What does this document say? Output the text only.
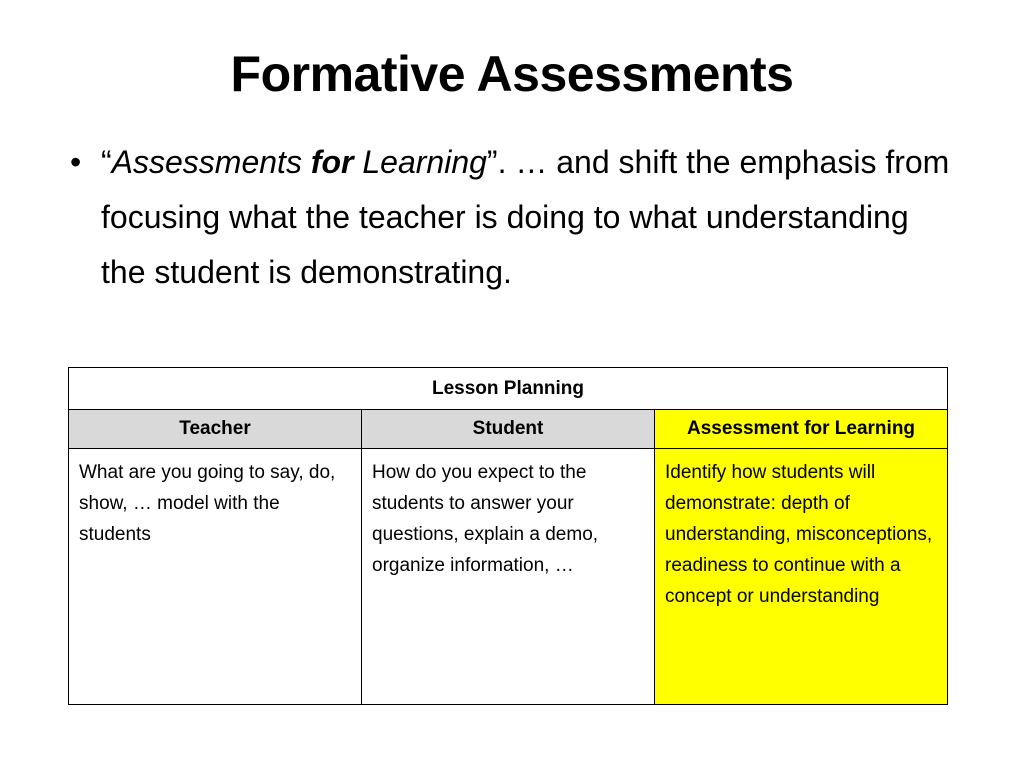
Formative Assessments
• “Assessments for Learning”. … and shift the emphasis from focusing what the teacher is doing to what understanding the student is demonstrating.
Lesson Planning		
Teacher	Student	Assessment for Learning
What are you going to say, do, show, … model with the students	How do you expect to the students to answer your questions, explain a demo, organize information, …	Identify how students will demonstrate: depth of understanding, misconceptions, readiness to continue with a concept or understanding
